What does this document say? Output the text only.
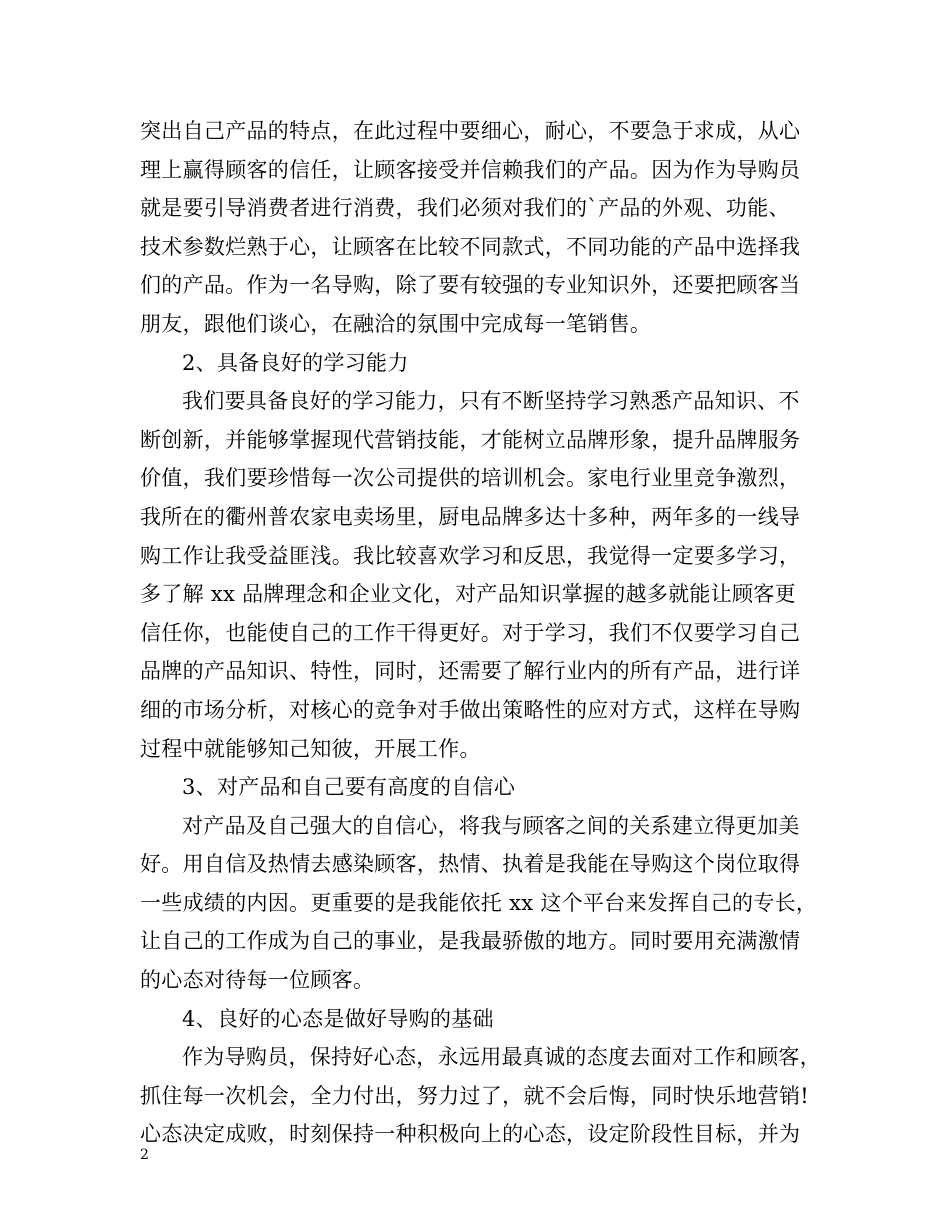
突出自己产品的特点，在此过程中要细心，耐心，不要急于求成，从心
理上赢得顾客的信任，让顾客接受并信赖我们的产品。因为作为导购员
就是要引导消费者进行消费，我们必须对我们的`产品的外观、功能、
技术参数烂熟于心，让顾客在比较不同款式，不同功能的产品中选择我
们的产品。作为一名导购，除了要有较强的专业知识外，还要把顾客当
朋友，跟他们谈心，在融洽的氛围中完成每一笔销售。
2、具备良好的学习能力
我们要具备良好的学习能力，只有不断坚持学习熟悉产品知识、不
断创新，并能够掌握现代营销技能，才能树立品牌形象，提升品牌服务
价值，我们要珍惜每一次公司提供的培训机会。家电行业里竞争激烈，
我所在的衢州普农家电卖场里，厨电品牌多达十多种，两年多的一线导
购工作让我受益匪浅。我比较喜欢学习和反思，我觉得一定要多学习，
多了解 xx 品牌理念和企业文化，对产品知识掌握的越多就能让顾客更
信任你，也能使自己的工作干得更好。对于学习，我们不仅要学习自己
品牌的产品知识、特性，同时，还需要了解行业内的所有产品，进行详
细的市场分析，对核心的竞争对手做出策略性的应对方式，这样在导购
过程中就能够知己知彼，开展工作。
3、对产品和自己要有高度的自信心
对产品及自己强大的自信心，将我与顾客之间的关系建立得更加美
好。用自信及热情去感染顾客，热情、执着是我能在导购这个岗位取得
一些成绩的内因。更重要的是我能依托 xx 这个平台来发挥自己的专长，
让自己的工作成为自己的事业，是我最骄傲的地方。同时要用充满激情
的心态对待每一位顾客。
4、良好的心态是做好导购的基础
作为导购员，保持好心态，永远用最真诚的态度去面对工作和顾客，
抓住每一次机会，全力付出，努力过了，就不会后悔，同时快乐地营销!
心态决定成败，时刻保持一种积极向上的心态，设定阶段性目标，并为
2
